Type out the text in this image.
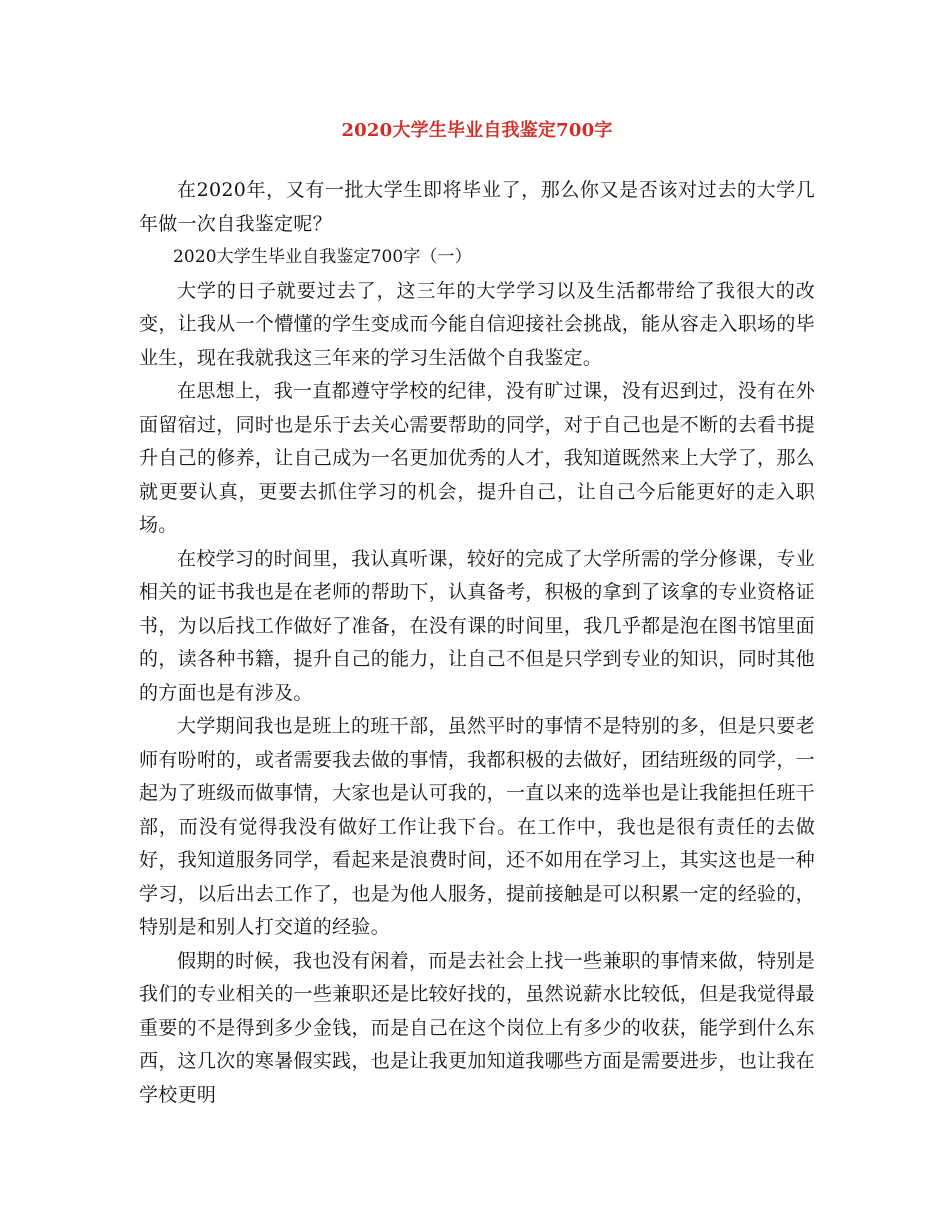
2020大学生毕业自我鉴定700字

在2020年，又有一批大学生即将毕业了，那么你又是否该对过去的大学几年做一次自我鉴定呢？

2020大学生毕业自我鉴定700字（一）

大学的日子就要过去了，这三年的大学学习以及生活都带给了我很大的改变，让我从一个懵懂的学生变成而今能自信迎接社会挑战，能从容走入职场的毕业生，现在我就我这三年来的学习生活做个自我鉴定。

在思想上，我一直都遵守学校的纪律，没有旷过课，没有迟到过，没有在外面留宿过，同时也是乐于去关心需要帮助的同学，对于自己也是不断的去看书提升自己的修养，让自己成为一名更加优秀的人才，我知道既然来上大学了，那么就更要认真，更要去抓住学习的机会，提升自己，让自己今后能更好的走入职场。

在校学习的时间里，我认真听课，较好的完成了大学所需的学分修课，专业相关的证书我也是在老师的帮助下，认真备考，积极的拿到了该拿的专业资格证书，为以后找工作做好了准备，在没有课的时间里，我几乎都是泡在图书馆里面的，读各种书籍，提升自己的能力，让自己不但是只学到专业的知识，同时其他的方面也是有涉及。

大学期间我也是班上的班干部，虽然平时的事情不是特别的多，但是只要老师有吩咐的，或者需要我去做的事情，我都积极的去做好，团结班级的同学，一起为了班级而做事情，大家也是认可我的，一直以来的选举也是让我能担任班干部，而没有觉得我没有做好工作让我下台。在工作中，我也是很有责任的去做好，我知道服务同学，看起来是浪费时间，还不如用在学习上，其实这也是一种学习，以后出去工作了，也是为他人服务，提前接触是可以积累一定的经验的，特别是和别人打交道的经验。

假期的时候，我也没有闲着，而是去社会上找一些兼职的事情来做，特别是我们的专业相关的一些兼职还是比较好找的，虽然说薪水比较低，但是我觉得最重要的不是得到多少金钱，而是自己在这个岗位上有多少的收获，能学到什么东西，这几次的寒暑假实践，也是让我更加知道我哪些方面是需要进步，也让我在学校更明
